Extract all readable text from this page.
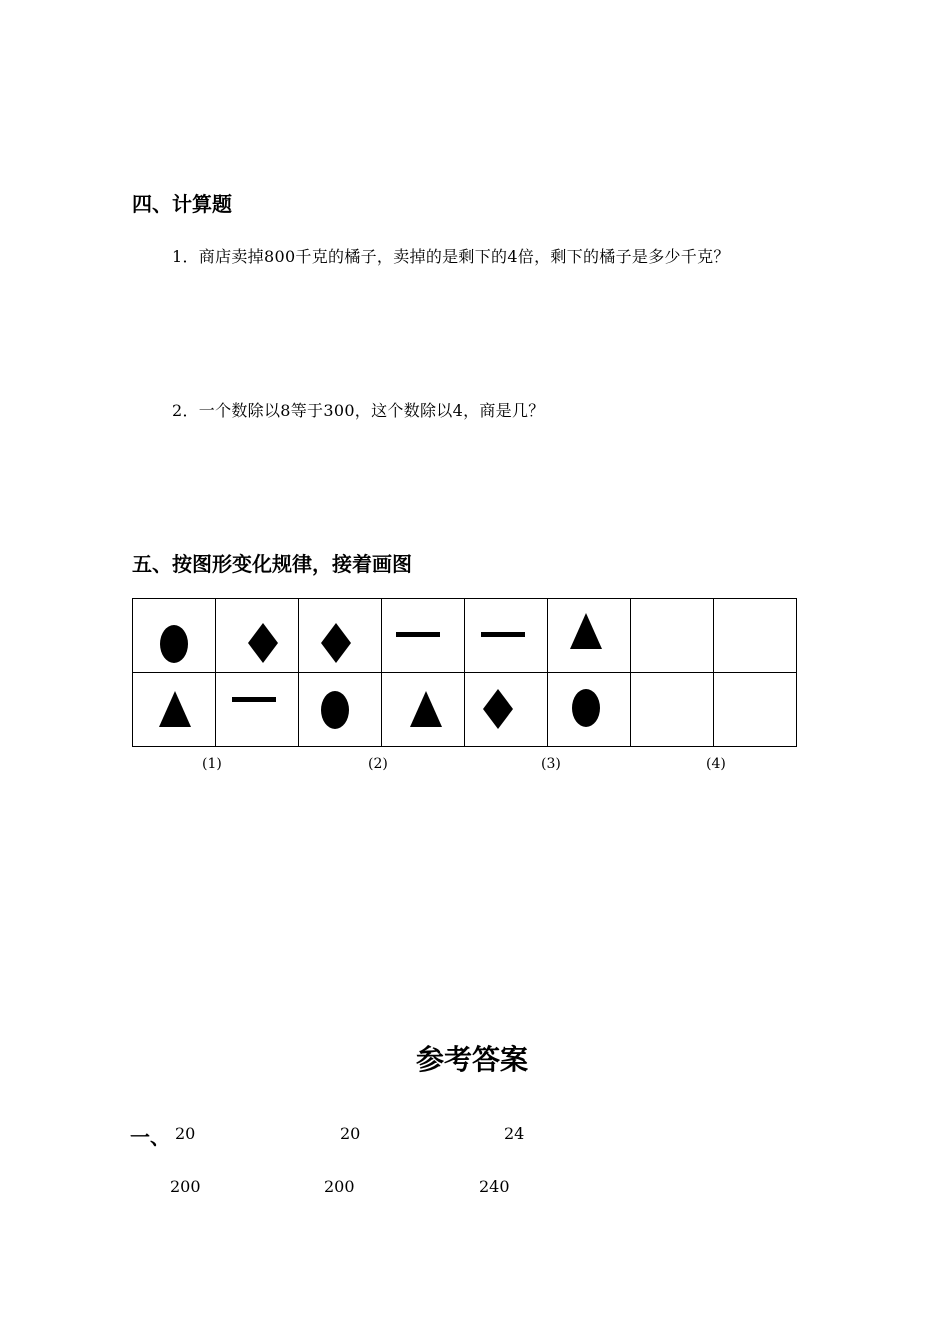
四、计算题
1．商店卖掉800千克的橘子，卖掉的是剩下的4倍，剩下的橘子是多少千克？
2．一个数除以8等于300，这个数除以4，商是几？
五、按图形变化规律，接着画图

(1)	(2)	(3)	(4)
参考答案
一、 20	20	24
200	200	240
